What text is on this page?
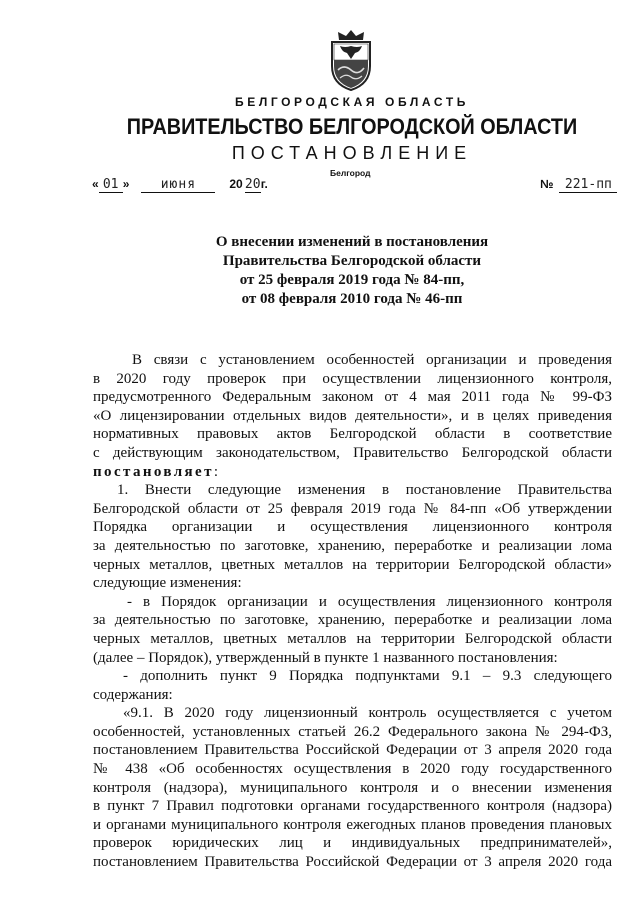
БЕЛГОРОДСКАЯ ОБЛАСТЬ
ПРАВИТЕЛЬСТВО БЕЛГОРОДСКОЙ ОБЛАСТИ
ПОСТАНОВЛЕНИЕ
Белгород
« 01 »	июня	20 20 г.	№ 221-пп
О внесении изменений в постановления
Правительства Белгородской области
от 25 февраля 2019 года № 84-пп,
от 08 февраля 2010 года № 46-пп
В связи с установлением особенностей организации и проведения
в 2020 году проверок при осуществлении лицензионного контроля,
предусмотренного Федеральным законом от 4 мая 2011 года № 99-ФЗ
«О лицензировании отдельных видов деятельности», и в целях приведения
нормативных правовых актов Белгородской области в соответствие
с действующим законодательством, Правительство Белгородской области
постановляет:
1. Внести следующие изменения в постановление Правительства
Белгородской области от 25 февраля 2019 года № 84-пп «Об утверждении
Порядка организации и осуществления лицензионного контроля
за деятельностью по заготовке, хранению, переработке и реализации лома
черных металлов, цветных металлов на территории Белгородской области»
следующие изменения:
- в Порядок организации и осуществления лицензионного контроля
за деятельностью по заготовке, хранению, переработке и реализации лома
черных металлов, цветных металлов на территории Белгородской области
(далее – Порядок), утвержденный в пункте 1 названного постановления:
- дополнить пункт 9 Порядка подпунктами 9.1 – 9.3 следующего
содержания:
«9.1. В 2020 году лицензионный контроль осуществляется с учетом
особенностей, установленных статьей 26.2 Федерального закона № 294-ФЗ,
постановлением Правительства Российской Федерации от 3 апреля 2020 года
№ 438 «Об особенностях осуществления в 2020 году государственного
контроля (надзора), муниципального контроля и о внесении изменения
в пункт 7 Правил подготовки органами государственного контроля (надзора)
и органами муниципального контроля ежегодных планов проведения плановых
проверок юридических лиц и индивидуальных предпринимателей»,
постановлением Правительства Российской Федерации от 3 апреля 2020 года
